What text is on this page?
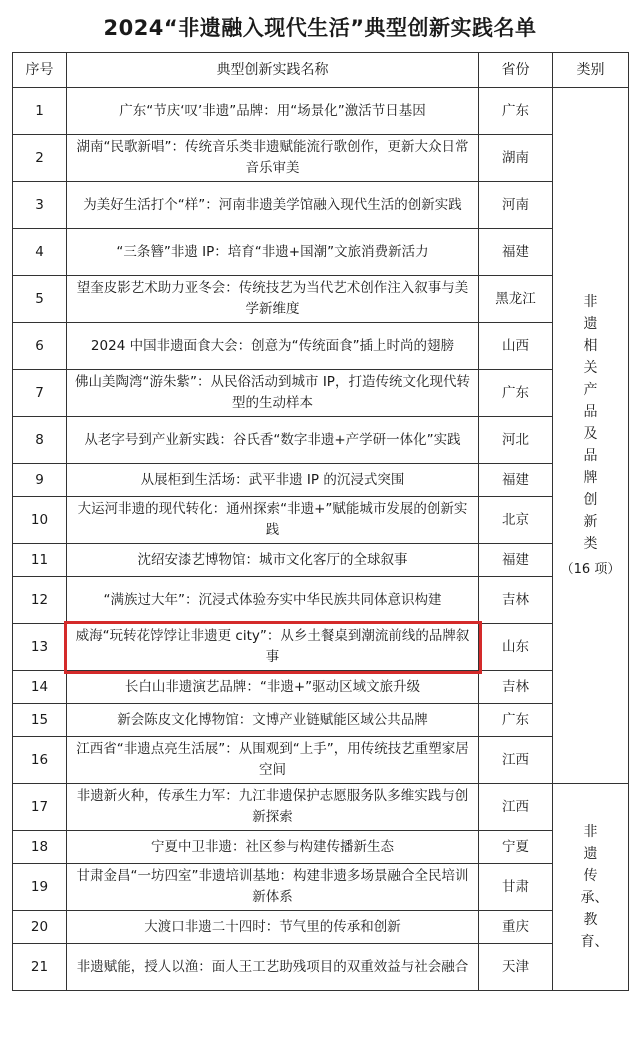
2024“非遗融入现代生活”典型创新实践名单
序号	典型创新实践名称	省份	类别
1	广东“节庆‘叹’非遗”品牌：用“场景化”激活节日基因	广东	非遗相关产品及品牌创新类
（16 项）

2	湖南“民歌新唱”：传统音乐类非遗赋能流行歌创作，更新大众日常音乐审美	湖南	
3	为美好生活打个“样”：河南非遗美学馆融入现代生活的创新实践	河南	
4	“三条簪”非遗 IP：培育“非遗+国潮”文旅消费新活力	福建	
5	望奎皮影艺术助力亚冬会：传统技艺为当代艺术创作注入叙事与美学新维度	黑龙江	
6	2024 中国非遗面食大会：创意为“传统面食”插上时尚的翅膀	山西	
7	佛山美陶湾“游朱紫”：从民俗活动到城市 IP，打造传统文化现代转型的生动样本	广东	
8	从老字号到产业新实践：谷氏香“数字非遗+产学研一体化”实践	河北	
9	从展柜到生活场：武平非遗 IP 的沉浸式突围	福建	
10	大运河非遗的现代转化：通州探索“非遗+”赋能城市发展的创新实践	北京	
11	沈绍安漆艺博物馆：城市文化客厅的全球叙事	福建	
12	“满族过大年”：沉浸式体验夯实中华民族共同体意识构建	吉林	
13	威海“玩转花饽饽让非遗更 city”：从乡土餐桌到潮流前线的品牌叙事	山东	
14	长白山非遗演艺品牌：“非遗+”驱动区域文旅升级	吉林	
15	新会陈皮文化博物馆：文博产业链赋能区域公共品牌	广东	
16	江西省“非遗点亮生活展”：从围观到“上手”，用传统技艺重塑家居空间	江西	
17	非遗新火种，传承生力军：九江非遗保护志愿服务队多维实践与创新探索	江西	非遗传承、教育、
18	宁夏中卫非遗：社区参与构建传播新生态	宁夏	
19	甘肃金昌“一坊四室”非遗培训基地：构建非遗多场景融合全民培训新体系	甘肃	
20	大渡口非遗二十四时：节气里的传承和创新	重庆	
21	非遗赋能，授人以渔：面人王工艺助残项目的双重效益与社会融合	天津	
